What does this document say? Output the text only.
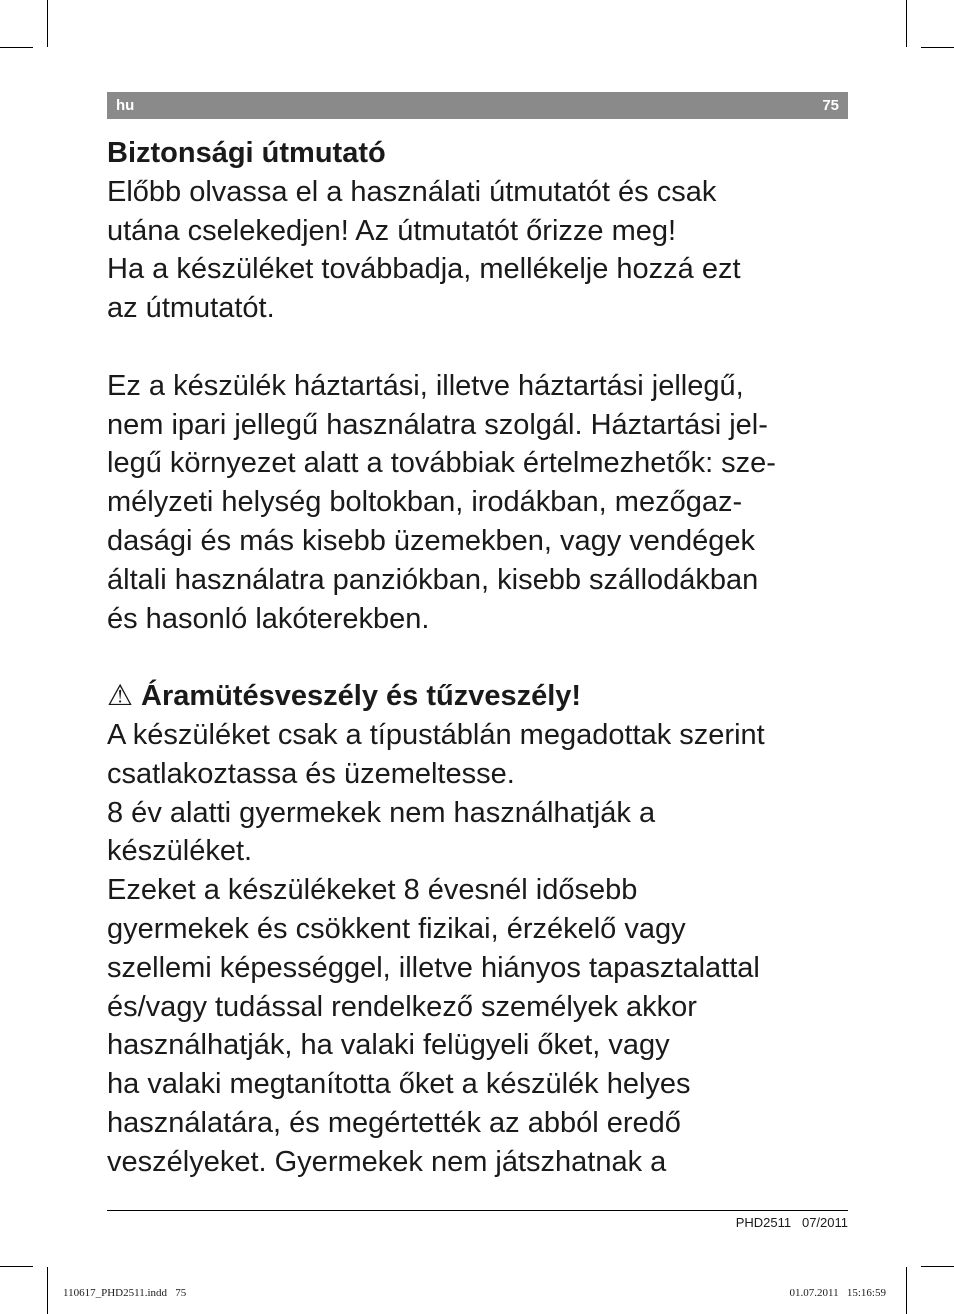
hu	75
Biztonsági útmutató
Előbb olvassa el a használati útmutatót és csak
utána cselekedjen! Az útmutatót őrizze meg!
Ha a készüléket továbbadja, mellékelje hozzá ezt
az útmutatót.
Ez a készülék háztartási, illetve háztartási jellegű,
nem ipari jellegű használatra szolgál. Háztartási jel-
legű környezet alatt a továbbiak értelmezhetők: sze-
mélyzeti helység boltokban, irodákban, mezőgaz-
dasági és más kisebb üzemekben, vagy vendégek
általi használatra panziókban, kisebb szállodákban
és hasonló lakóterekben.
⚠ Áramütésveszély és tűzveszély!
A készüléket csak a típustáblán megadottak szerint
csatlakoztassa és üzemeltesse.
8 év alatti gyermekek nem használhatják a
készüléket.
Ezeket a készülékeket 8 évesnél idősebb
gyermekek és csökkent fizikai, érzékelő vagy
szellemi képességgel, illetve hiányos tapasztalattal
és/vagy tudással rendelkező személyek akkor
használhatják, ha valaki felügyeli őket, vagy
ha valaki megtanította őket a készülék helyes
használatára, és megértették az abból eredő
veszélyeket. Gyermekek nem játszhatnak a
PHD2511   07/2011
110617_PHD2511.indd   75	01.07.2011   15:16:59
